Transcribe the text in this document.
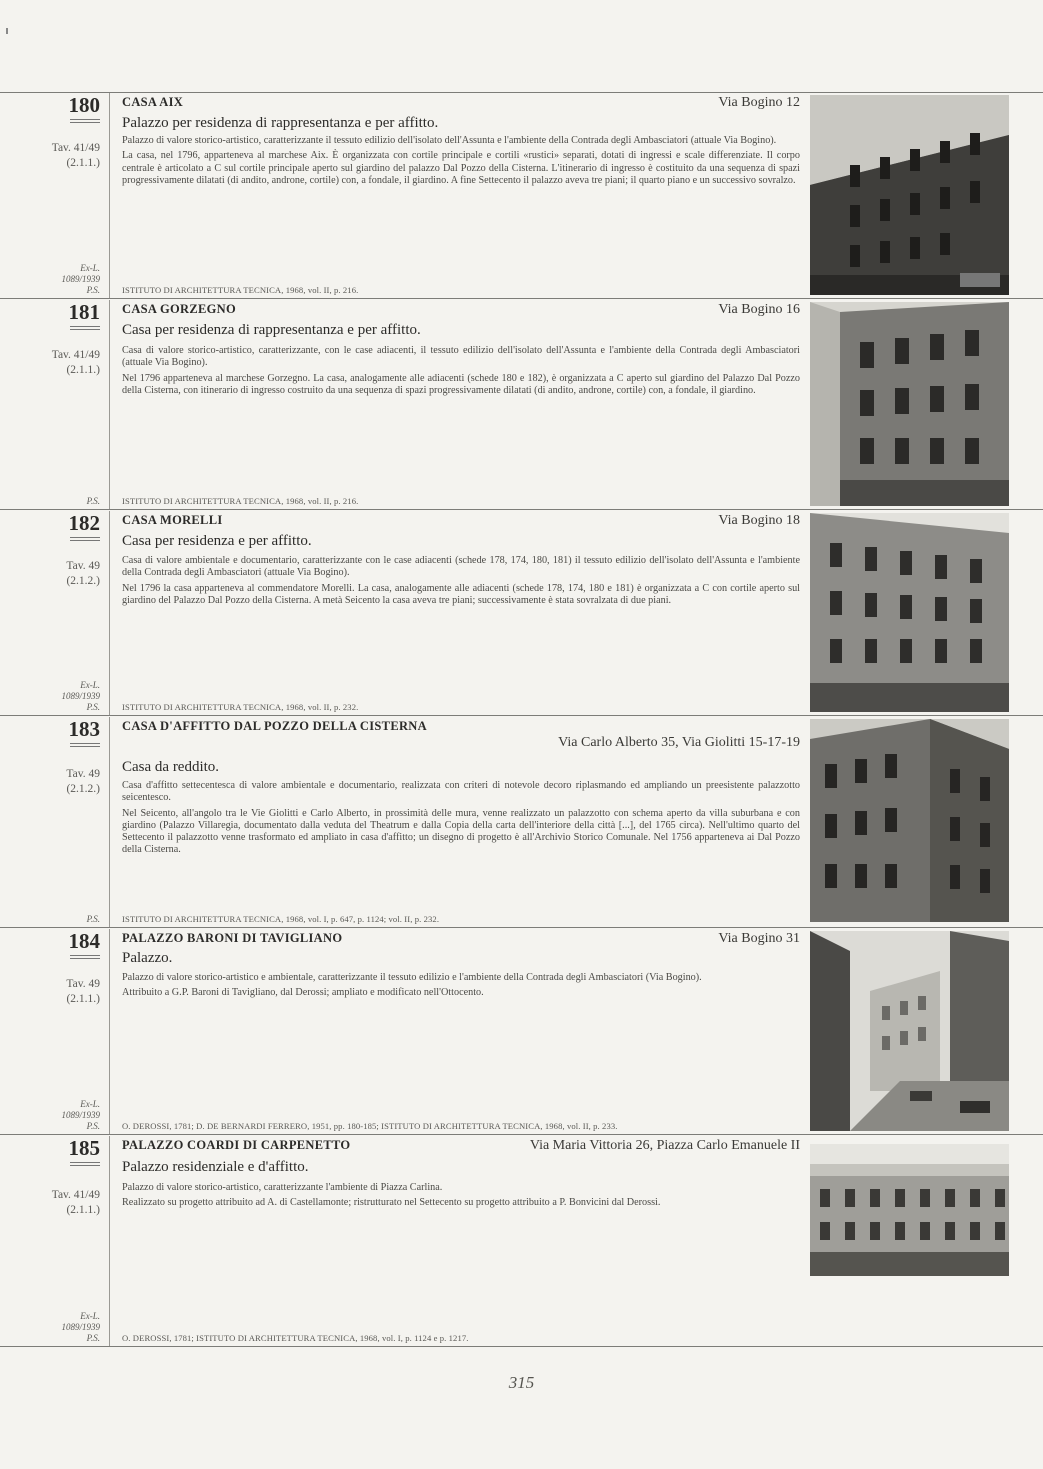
180
Tav. 41/49
(2.1.1.)
Ex-L.
1089/1939
P.S.
CASA AIX	Via Bogino 12
Palazzo per residenza di rappresentanza e per affitto.

Palazzo di valore storico-artistico, caratterizzante il tessuto edilizio dell'isolato dell'Assunta e l'ambiente della Contrada degli Ambasciatori (attuale Via Bogino).

La casa, nel 1796, apparteneva al marchese Aix. È organizzata con cortile principale e cortili «rustici» separati, dotati di ingressi e scale differenziate. Il corpo centrale è articolato a C sul cortile principale aperto sul giardino del palazzo Dal Pozzo della Cisterna. L'itinerario di ingresso è costituito da una sequenza di spazi progressivamente dilatati (di andito, androne, cortile) con, a fondale, il giardino. A fine Settecento il palazzo aveva tre piani; il quarto piano e un successivo sovralzo.

ISTITUTO DI ARCHITETTURA TECNICA, 1968, vol. II, p. 216.
181
Tav. 41/49
(2.1.1.)
P.S.
CASA GORZEGNO	Via Bogino 16
Casa per residenza di rappresentanza e per affitto.

Casa di valore storico-artistico, caratterizzante, con le case adiacenti, il tessuto edilizio dell'isolato dell'Assunta e l'ambiente della Contrada degli Ambasciatori (attuale Via Bogino).

Nel 1796 apparteneva al marchese Gorzegno. La casa, analogamente alle adiacenti (schede 180 e 182), è organizzata a C aperto sul giardino del Palazzo Dal Pozzo della Cisterna, con itinerario di ingresso costruito da una sequenza di spazi progressivamente dilatati (di andito, androne, cortile) con, a fondale, il giardino.

ISTITUTO DI ARCHITETTURA TECNICA, 1968, vol. II, p. 216.
182
Tav. 49
(2.1.2.)
Ex-L.
1089/1939
P.S.
CASA MORELLI	Via Bogino 18
Casa per residenza e per affitto.

Casa di valore ambientale e documentario, caratterizzante con le case adiacenti (schede 178, 174, 180, 181) il tessuto edilizio dell'isolato dell'Assunta e l'ambiente della Contrada degli Ambasciatori (attuale Via Bogino).

Nel 1796 la casa apparteneva al commendatore Morelli. La casa, analogamente alle adiacenti (schede 178, 174, 180 e 181) è organizzata a C con cortile aperto sul giardino del Palazzo Dal Pozzo della Cisterna. A metà Seicento la casa aveva tre piani; successivamente è stata sovralzata di due piani.

ISTITUTO DI ARCHITETTURA TECNICA, 1968, vol. II, p. 232.
183
Tav. 49
(2.1.2.)
P.S.
CASA D'AFFITTO DAL POZZO DELLA CISTERNA
Via Carlo Alberto 35, Via Giolitti 15-17-19
Casa da reddito.

Casa d'affitto settecentesca di valore ambientale e documentario, realizzata con criteri di notevole decoro riplasmando ed ampliando un preesistente palazzotto seicentesco.

Nel Seicento, all'angolo tra le Vie Giolitti e Carlo Alberto, in prossimità delle mura, venne realizzato un palazzotto con schema aperto da villa suburbana e con giardino (Palazzo Villaregia, documentato dalla veduta del Theatrum e dalla Copia della carta dell'interiore della città [...], del 1765 circa). Nell'ultimo quarto del Settecento il palazzotto venne trasformato ed ampliato in casa d'affitto; un disegno di progetto è all'Archivio Storico Comunale. Nel 1756 apparteneva ai Dal Pozzo della Cisterna.

ISTITUTO DI ARCHITETTURA TECNICA, 1968, vol. I, p. 647, p. 1124; vol. II, p. 232.
184
Tav. 49
(2.1.1.)
Ex-L.
1089/1939
P.S.
PALAZZO BARONI DI TAVIGLIANO	Via Bogino 31
Palazzo.

Palazzo di valore storico-artistico e ambientale, caratterizzante il tessuto edilizio e l'ambiente della Contrada degli Ambasciatori (Via Bogino).

Attribuito a G.P. Baroni di Tavigliano, dal Derossi; ampliato e modificato nell'Ottocento.

O. DEROSSI, 1781; D. DE BERNARDI FERRERO, 1951, pp. 180-185; ISTITUTO DI ARCHITETTURA TECNICA, 1968, vol. II, p. 233.
185
Tav. 41/49
(2.1.1.)
Ex-L.
1089/1939
P.S.
PALAZZO COARDI DI CARPENETTO	Via Maria Vittoria 26, Piazza Carlo Emanuele II
Palazzo residenziale e d'affitto.

Palazzo di valore storico-artistico, caratterizzante l'ambiente di Piazza Carlina.

Realizzato su progetto attribuito ad A. di Castellamonte; ristrutturato nel Settecento su progetto attribuito a P. Bonvicini dal Derossi.

O. DEROSSI, 1781; ISTITUTO DI ARCHITETTURA TECNICA, 1968, vol. I, p. 1124 e p. 1217.
315
